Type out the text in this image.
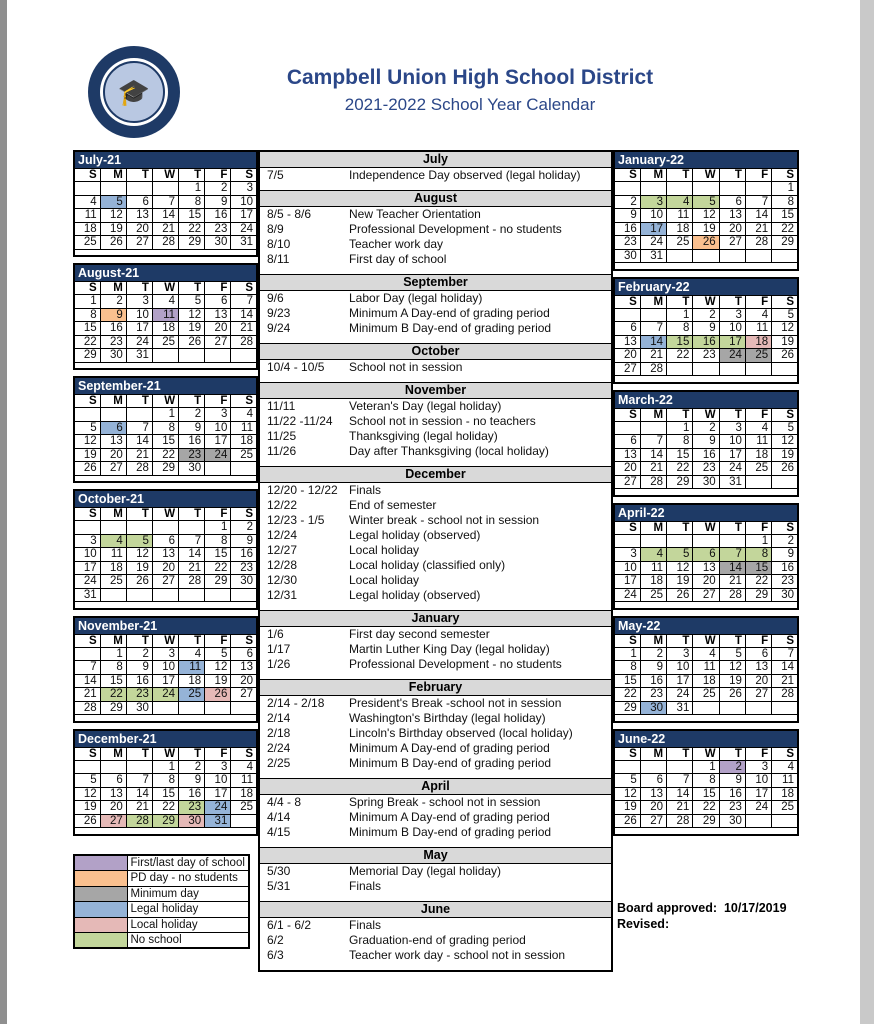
🎓	Campbell Union High School District
2021-2022 School Year Calendar
July-21						
S	M	T	W	T	F	S
				1	2	3
4	5	6	7	8	9	10
11	12	13	14	15	16	17
18	19	20	21	22	23	24
25	26	27	28	29	30	31

August-21						
S	M	T	W	T	F	S
1	2	3	4	5	6	7
8	9	10	11	12	13	14
15	16	17	18	19	20	21
22	23	24	25	26	27	28
29	30	31				

September-21						
S	M	T	W	T	F	S
			1	2	3	4
5	6	7	8	9	10	11
12	13	14	15	16	17	18
19	20	21	22	23	24	25
26	27	28	29	30		

October-21						
S	M	T	W	T	F	S
					1	2
3	4	5	6	7	8	9
10	11	12	13	14	15	16
17	18	19	20	21	22	23
24	25	26	27	28	29	30
31						

November-21						
S	M	T	W	T	F	S
	1	2	3	4	5	6
7	8	9	10	11	12	13
14	15	16	17	18	19	20
21	22	23	24	25	26	27
28	29	30				

December-21						
S	M	T	W	T	F	S
			1	2	3	4
5	6	7	8	9	10	11
12	13	14	15	16	17	18
19	20	21	22	23	24	25
26	27	28	29	30	31	

July
7/5	Independence Day observed (legal holiday)
August
8/5 - 8/6	New Teacher Orientation
8/9	Professional Development - no students
8/10	Teacher work day
8/11	First day of school
September
9/6	Labor Day (legal holiday)
9/23	Minimum A Day-end of grading period
9/24	Minimum B Day-end of grading period
October
10/4 - 10/5	School not in session
November
11/11	Veteran's Day (legal holiday)
11/22 -11/24	School not in session - no teachers
11/25	Thanksgiving (legal holiday)
11/26	Day after Thanksgiving (local holiday)
December
12/20 - 12/22 Finals
12/22	End of semester
12/23 - 1/5	Winter break - school not in session
12/24	Legal holiday (observed)
12/27	Local holiday
12/28	Local holiday (classified only)
12/30	Local holiday
12/31	Legal holiday (observed)
January
1/6	First day second semester
1/17	Martin Luther King Day (legal holiday)
1/26	Professional Development - no students
February
2/14 - 2/18	President's Break -school not in session
2/14	Washington's Birthday (legal holiday)
2/18	Lincoln's Birthday observed (local holiday)
2/24	Minimum A Day-end of grading period
2/25	Minimum B Day-end of grading period
April
4/4 - 8	Spring Break - school not in session
4/14	Minimum A Day-end of grading period
4/15	Minimum B Day-end of grading period
May
5/30	Memorial Day (legal holiday)
5/31	Finals
June
6/1 - 6/2	Finals
6/2	Graduation-end of grading period
6/3	Teacher work day - school not in session
January-22						
S	M	T	W	T	F	S
						1
2	3	4	5	6	7	8
9	10	11	12	13	14	15
16	17	18	19	20	21	22
23	24	25	26	27	28	29
30	31					

February-22						
S	M	T	W	T	F	S
		1	2	3	4	5
6	7	8	9	10	11	12
13	14	15	16	17	18	19
20	21	22	23	24	25	26
27	28					

March-22						
S	M	T	W	T	F	S
		1	2	3	4	5
6	7	8	9	10	11	12
13	14	15	16	17	18	19
20	21	22	23	24	25	26
27	28	29	30	31		

April-22						
S	M	T	W	T	F	S
					1	2
3	4	5	6	7	8	9
10	11	12	13	14	15	16
17	18	19	20	21	22	23
24	25	26	27	28	29	30

May-22						
S	M	T	W	T	F	S
1	2	3	4	5	6	7
8	9	10	11	12	13	14
15	16	17	18	19	20	21
22	23	24	25	26	27	28
29	30	31				

June-22						
S	M	T	W	T	F	S
			1	2	3	4
5	6	7	8	9	10	11
12	13	14	15	16	17	18
19	20	21	22	23	24	25
26	27	28	29	30		

	First/last day of school
	PD day - no students
	Minimum day
	Legal holiday
	Local holiday
	No school
Board approved: 10/17/2019
Revised:
